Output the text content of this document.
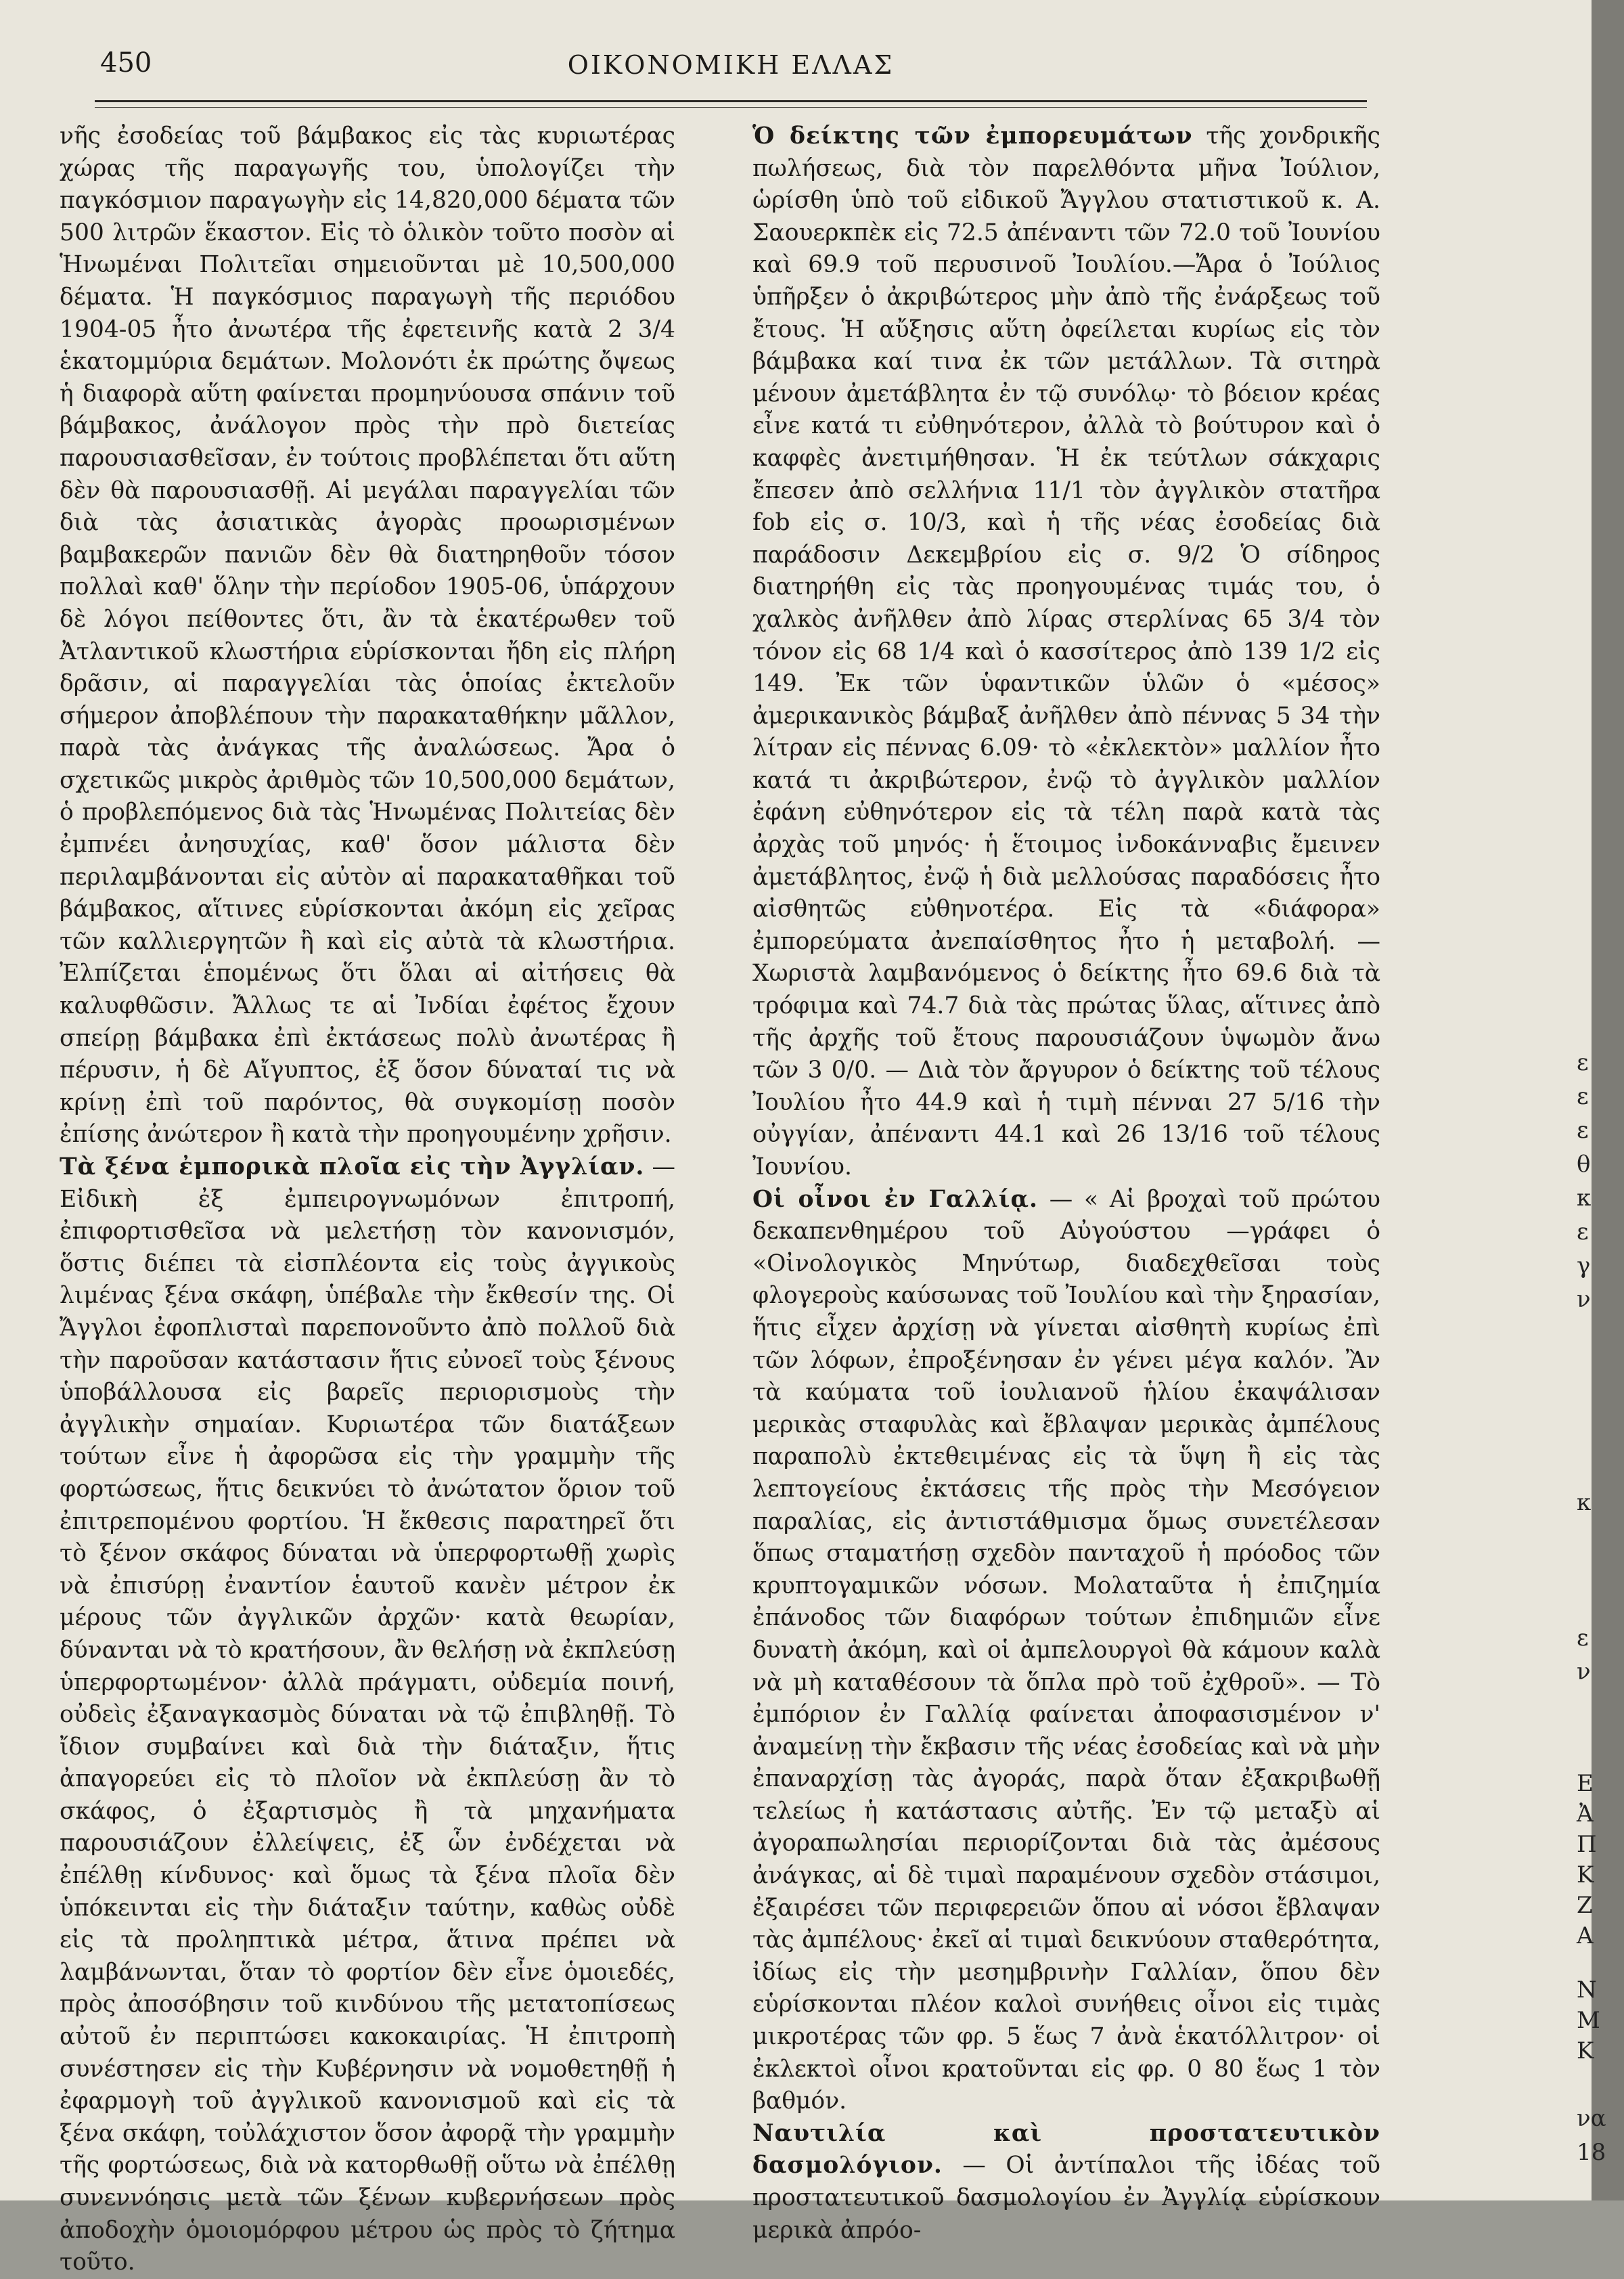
450	ΟΙΚΟΝΟΜΙΚΗ ΕΛΛΑΣ

νῆς ἐσοδείας τοῦ βάμβακος εἰς τὰς κυριωτέρας χώρας τῆς παραγωγῆς του, ὑπολογίζει τὴν παγκόσμιον παραγωγὴν εἰς 14,820,000 δέματα τῶν 500 λιτρῶν ἕκαστον. Εἰς τὸ ὁλικὸν τοῦτο ποσὸν αἱ Ἡνωμέναι Πολιτεῖαι σημειοῦνται μὲ 10,500,000 δέματα. Ἡ παγκόσμιος παραγωγὴ τῆς περιόδου 1904-05 ἦτο ἀνωτέρα τῆς ἐφετεινῆς κατὰ 2 3/4 ἑκατομμύρια δεμάτων. Μολονότι ἐκ πρώτης ὄψεως ἡ διαφορὰ αὕτη φαίνεται προμηνύουσα σπάνιν τοῦ βάμβακος, ἀνάλογον πρὸς τὴν πρὸ διετείας παρουσιασθεῖσαν, ἐν τούτοις προβλέπεται ὅτι αὕτη δὲν θὰ παρουσιασθῇ. Αἱ μεγάλαι παραγγελίαι τῶν διὰ τὰς ἀσιατικὰς ἀγορὰς προωρισμένων βαμβακερῶν πανιῶν δὲν θὰ διατηρηθοῦν τόσον πολλαὶ καθ' ὅλην τὴν περίοδον 1905-06, ὑπάρχουν δὲ λόγοι πείθοντες ὅτι, ἂν τὰ ἑκατέρωθεν τοῦ Ἀτλαντικοῦ κλωστήρια εὑρίσκονται ἤδη εἰς πλήρη δρᾶσιν, αἱ παραγγελίαι τὰς ὁποίας ἐκτελοῦν σήμερον ἀποβλέπουν τὴν παρακαταθήκην μᾶλλον, παρὰ τὰς ἀνάγκας τῆς ἀναλώσεως. Ἄρα ὁ σχετικῶς μικρὸς ἀριθμὸς τῶν 10,500,000 δεμάτων, ὁ προβλεπόμενος διὰ τὰς Ἡνωμένας Πολιτείας δὲν ἐμπνέει ἀνησυχίας, καθ' ὅσον μάλιστα δὲν περιλαμβάνονται εἰς αὐτὸν αἱ παρακαταθῆκαι τοῦ βάμβακος, αἵτινες εὑρίσκονται ἀκόμη εἰς χεῖρας τῶν καλλιεργητῶν ἢ καὶ εἰς αὐτὰ τὰ κλωστήρια. Ἐλπίζεται ἑπομένως ὅτι ὅλαι αἱ αἰτήσεις θὰ καλυφθῶσιν. Ἄλλως τε αἱ Ἰνδίαι ἐφέτος ἔχουν σπείρῃ βάμβακα ἐπὶ ἐκτάσεως πολὺ ἀνωτέρας ἢ πέρυσιν, ἡ δὲ Αἴγυπτος, ἐξ ὅσον δύναταί τις νὰ κρίνῃ ἐπὶ τοῦ παρόντος, θὰ συγκομίσῃ ποσὸν ἐπίσης ἀνώτερον ἢ κατὰ τὴν προηγουμένην χρῆσιν.

Τὰ ξένα ἐμπορικὰ πλοῖα εἰς τὴν Ἀγγλίαν. — Εἰδικὴ ἐξ ἐμπειρογνωμόνων ἐπιτροπή, ἐπιφορτισθεῖσα νὰ μελετήσῃ τὸν κανονισμόν, ὅστις διέπει τὰ εἰσπλέοντα εἰς τοὺς ἀγγικοὺς λιμένας ξένα σκάφη, ὑπέβαλε τὴν ἔκθεσίν της. Οἱ Ἄγγλοι ἐφοπλισταὶ παρεπονοῦντο ἀπὸ πολλοῦ διὰ τὴν παροῦσαν κατάστασιν ἥτις εὐνοεῖ τοὺς ξένους ὑποβάλλουσα εἰς βαρεῖς περιορισμοὺς τὴν ἀγγλικὴν σημαίαν. Κυριωτέρα τῶν διατάξεων τούτων εἶνε ἡ ἀφορῶσα εἰς τὴν γραμμὴν τῆς φορτώσεως, ἥτις δεικνύει τὸ ἀνώτατον ὅριον τοῦ ἐπιτρεπομένου φορτίου. Ἡ ἔκθεσις παρατηρεῖ ὅτι τὸ ξένον σκάφος δύναται νὰ ὑπερφορτωθῇ χωρὶς νὰ ἐπισύρῃ ἐναντίον ἑαυτοῦ κανὲν μέτρον ἐκ μέρους τῶν ἀγγλικῶν ἀρχῶν· κατὰ θεωρίαν, δύνανται νὰ τὸ κρατήσουν, ἂν θελήσῃ νὰ ἐκπλεύσῃ ὑπερφορτωμένον· ἀλλὰ πράγματι, οὐδεμία ποινή, οὐδεὶς ἐξαναγκασμὸς δύναται νὰ τῷ ἐπιβληθῇ. Τὸ ἴδιον συμβαίνει καὶ διὰ τὴν διάταξιν, ἥτις ἀπαγορεύει εἰς τὸ πλοῖον νὰ ἐκπλεύσῃ ἂν τὸ σκάφος, ὁ ἐξαρτισμὸς ἢ τὰ μηχανήματα παρουσιάζουν ἐλλείψεις, ἐξ ὧν ἐνδέχεται νὰ ἐπέλθῃ κίνδυνος· καὶ ὅμως τὰ ξένα πλοῖα δὲν ὑπόκεινται εἰς τὴν διάταξιν ταύτην, καθὼς οὐδὲ εἰς τὰ προληπτικὰ μέτρα, ἅτινα πρέπει νὰ λαμβάνωνται, ὅταν τὸ φορτίον δὲν εἶνε ὁμοιεδές, πρὸς ἀποσόβησιν τοῦ κινδύνου τῆς μετατοπίσεως αὐτοῦ ἐν περιπτώσει κακοκαιρίας. Ἡ ἐπιτροπὴ συνέστησεν εἰς τὴν Κυβέρνησιν νὰ νομοθετηθῇ ἡ ἐφαρμογὴ τοῦ ἀγγλικοῦ κανονισμοῦ καὶ εἰς τὰ ξένα σκάφη, τοὐλάχιστον ὅσον ἀφορᾷ τὴν γραμμὴν τῆς φορτώσεως, διὰ νὰ κατορθωθῇ οὕτω νὰ ἐπέλθῃ συνεννόησις μετὰ τῶν ξένων κυβερνήσεων πρὸς ἀποδοχὴν ὁμοιομόρφου μέτρου ὡς πρὸς τὸ ζήτημα τοῦτο.

Ὁ δείκτης τῶν ἐμπορευμάτων τῆς χονδρικῆς πωλήσεως, διὰ τὸν παρελθόντα μῆνα Ἰούλιον, ὡρίσθη ὑπὸ τοῦ εἰδικοῦ Ἄγγλου στατιστικοῦ κ. Α. Σαουερκπὲκ εἰς 72.5 ἀπέναντι τῶν 72.0 τοῦ Ἰουνίου καὶ 69.9 τοῦ περυσινοῦ Ἰουλίου.—Ἄρα ὁ Ἰούλιος ὑπῆρξεν ὁ ἀκριβώτερος μὴν ἀπὸ τῆς ἐνάρξεως τοῦ ἔτους. Ἡ αὔξησις αὕτη ὀφείλεται κυρίως εἰς τὸν βάμβακα καί τινα ἐκ τῶν μετάλλων. Τὰ σιτηρὰ μένουν ἀμετάβλητα ἐν τῷ συνόλῳ· τὸ βόειον κρέας εἶνε κατά τι εὐθηνότερον, ἀλλὰ τὸ βούτυρον καὶ ὁ καφφὲς ἀνετιμήθησαν. Ἡ ἐκ τεύτλων σάκχαρις ἔπεσεν ἀπὸ σελλήνια 11/1 τὸν ἀγγλικὸν στατῆρα fob εἰς σ. 10/3, καὶ ἡ τῆς νέας ἐσοδείας διὰ παράδοσιν Δεκεμβρίου εἰς σ. 9/2 Ὁ σίδηρος διατηρήθη εἰς τὰς προηγουμένας τιμάς του, ὁ χαλκὸς ἀνῆλθεν ἀπὸ λίρας στερλίνας 65 3/4 τὸν τόνον εἰς 68 1/4 καὶ ὁ κασσίτερος ἀπὸ 139 1/2 εἰς 149. Ἐκ τῶν ὑφαντικῶν ὑλῶν ὁ «μέσος» ἀμερικανικὸς βάμβαξ ἀνῆλθεν ἀπὸ πέννας 5 34 τὴν λίτραν εἰς πέννας 6.09· τὸ «ἐκλεκτὸν» μαλλίον ἦτο κατά τι ἀκριβώτερον, ἐνῷ τὸ ἀγγλικὸν μαλλίον ἐφάνη εὐθηνότερον εἰς τὰ τέλη παρὰ κατὰ τὰς ἀρχὰς τοῦ μηνός· ἡ ἕτοιμος ἰνδοκάνναβις ἔμεινεν ἀμετάβλητος, ἐνῷ ἡ διὰ μελλούσας παραδόσεις ἦτο αἰσθητῶς εὐθηνοτέρα. Εἰς τὰ «διάφορα» ἐμπορεύματα ἀνεπαίσθητος ἦτο ἡ μεταβολή. — Χωριστὰ λαμβανόμενος ὁ δείκτης ἦτο 69.6 διὰ τὰ τρόφιμα καὶ 74.7 διὰ τὰς πρώτας ὕλας, αἵτινες ἀπὸ τῆς ἀρχῆς τοῦ ἔτους παρουσιάζουν ὑψωμὸν ἄνω τῶν 3 0/0. — Διὰ τὸν ἄργυρον ὁ δείκτης τοῦ τέλους Ἰουλίου ἦτο 44.9 καὶ ἡ τιμὴ πένναι 27 5/16 τὴν οὐγγίαν, ἀπέναντι 44.1 καὶ 26 13/16 τοῦ τέλους Ἰουνίου.

Οἱ οἶνοι ἐν Γαλλίᾳ. — « Αἱ βροχαὶ τοῦ πρώτου δεκαπενθημέρου τοῦ Αὐγούστου —γράφει ὁ «Οἰνολογικὸς Μηνύτωρ, διαδεχθεῖσαι τοὺς φλογεροὺς καύσωνας τοῦ Ἰουλίου καὶ τὴν ξηρασίαν, ἥτις εἶχεν ἀρχίσῃ νὰ γίνεται αἰσθητὴ κυρίως ἐπὶ τῶν λόφων, ἐπροξένησαν ἐν γένει μέγα καλόν. Ἂν τὰ καύματα τοῦ ἰουλιανοῦ ἡλίου ἐκαψάλισαν μερικὰς σταφυλὰς καὶ ἔβλαψαν μερικὰς ἀμπέλους παραπολὺ ἐκτεθειμένας εἰς τὰ ὕψη ἢ εἰς τὰς λεπτογείους ἐκτάσεις τῆς πρὸς τὴν Μεσόγειον παραλίας, εἰς ἀντιστάθμισμα ὅμως συνετέλεσαν ὅπως σταματήσῃ σχεδὸν πανταχοῦ ἡ πρόοδος τῶν κρυπτογαμικῶν νόσων. Μολαταῦτα ἡ ἐπιζημία ἐπάνοδος τῶν διαφόρων τούτων ἐπιδημιῶν εἶνε δυνατὴ ἀκόμη, καὶ οἱ ἀμπελουργοὶ θὰ κάμουν καλὰ νὰ μὴ καταθέσουν τὰ ὅπλα πρὸ τοῦ ἐχθροῦ». — Τὸ ἐμπόριον ἐν Γαλλίᾳ φαίνεται ἀποφασισμένον ν' ἀναμείνῃ τὴν ἔκβασιν τῆς νέας ἐσοδείας καὶ νὰ μὴν ἐπαναρχίσῃ τὰς ἀγοράς, παρὰ ὅταν ἐξακριβωθῇ τελείως ἡ κατάστασις αὐτῆς. Ἐν τῷ μεταξὺ αἱ ἀγοραπωλησίαι περιορίζονται διὰ τὰς ἀμέσους ἀνάγκας, αἱ δὲ τιμαὶ παραμένουν σχεδὸν στάσιμοι, ἐξαιρέσει τῶν περιφερειῶν ὅπου αἱ νόσοι ἔβλαψαν τὰς ἀμπέλους· ἐκεῖ αἱ τιμαὶ δεικνύουν σταθερότητα, ἰδίως εἰς τὴν μεσημβρινὴν Γαλλίαν, ὅπου δὲν εὑρίσκονται πλέον καλοὶ συνήθεις οἶνοι εἰς τιμὰς μικροτέρας τῶν φρ. 5 ἕως 7 ἀνὰ ἑκατόλλιτρον· οἱ ἐκλεκτοὶ οἶνοι κρατοῦνται εἰς φρ. 0 80 ἕως 1 τὸν βαθμόν.

Ναυτιλία καὶ προστατευτικὸν δασμολόγιον. — Οἱ ἀντίπαλοι τῆς ἰδέας τοῦ προστατευτικοῦ δασμολογίου ἐν Ἀγγλίᾳ εὑρίσκουν μερικὰ ἀπρόο-

ε
ε
ε
θ
κ
ε
γ
ν
κ
ε
ν
Ε
Ἀ
Π
Κ
Ζ
Α
Ν
Μ
Κ
να
18
